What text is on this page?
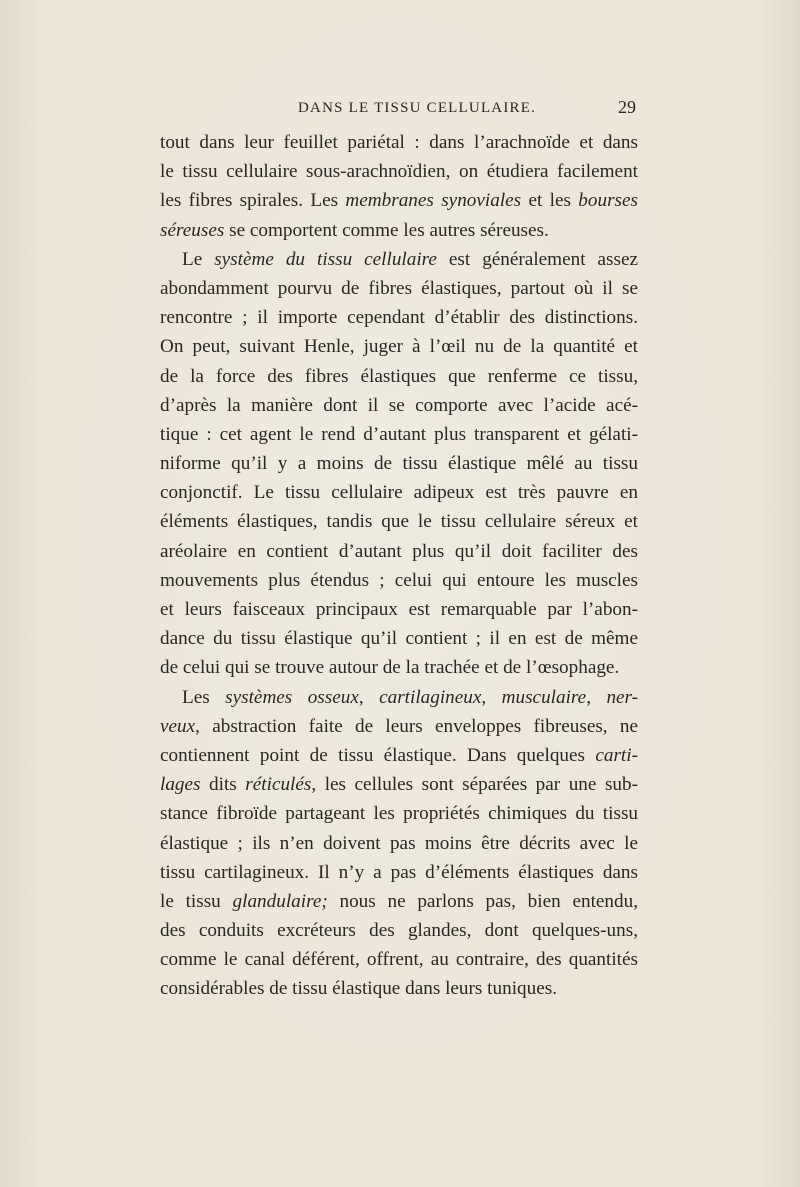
DANS LE TISSU CELLULAIRE.	29
tout dans leur feuillet pariétal : dans l’arachnoïde et dans
le tissu cellulaire sous-arachnoïdien, on étudiera facilement
les fibres spirales. Les membranes synoviales et les bourses
séreuses se comportent comme les autres séreuses.
Le système du tissu cellulaire est généralement assez
abondamment pourvu de fibres élastiques, partout où il se
rencontre ; il importe cependant d’établir des distinctions.
On peut, suivant Henle, juger à l’œil nu de la quantité et
de la force des fibres élastiques que renferme ce tissu,
d’après la manière dont il se comporte avec l’acide acé-
tique : cet agent le rend d’autant plus transparent et gélati-
niforme qu’il y a moins de tissu élastique mêlé au tissu
conjonctif. Le tissu cellulaire adipeux est très pauvre en
éléments élastiques, tandis que le tissu cellulaire séreux et
aréolaire en contient d’autant plus qu’il doit faciliter des
mouvements plus étendus ; celui qui entoure les muscles
et leurs faisceaux principaux est remarquable par l’abon-
dance du tissu élastique qu’il contient ; il en est de même
de celui qui se trouve autour de la trachée et de l’œsophage.
Les systèmes osseux, cartilagineux, musculaire, ner-
veux, abstraction faite de leurs enveloppes fibreuses, ne
contiennent point de tissu élastique. Dans quelques carti-
lages dits réticulés, les cellules sont séparées par une sub-
stance fibroïde partageant les propriétés chimiques du tissu
élastique ; ils n’en doivent pas moins être décrits avec le
tissu cartilagineux. Il n’y a pas d’éléments élastiques dans
le tissu glandulaire; nous ne parlons pas, bien entendu,
des conduits excréteurs des glandes, dont quelques-uns,
comme le canal déférent, offrent, au contraire, des quantités
considérables de tissu élastique dans leurs tuniques.
